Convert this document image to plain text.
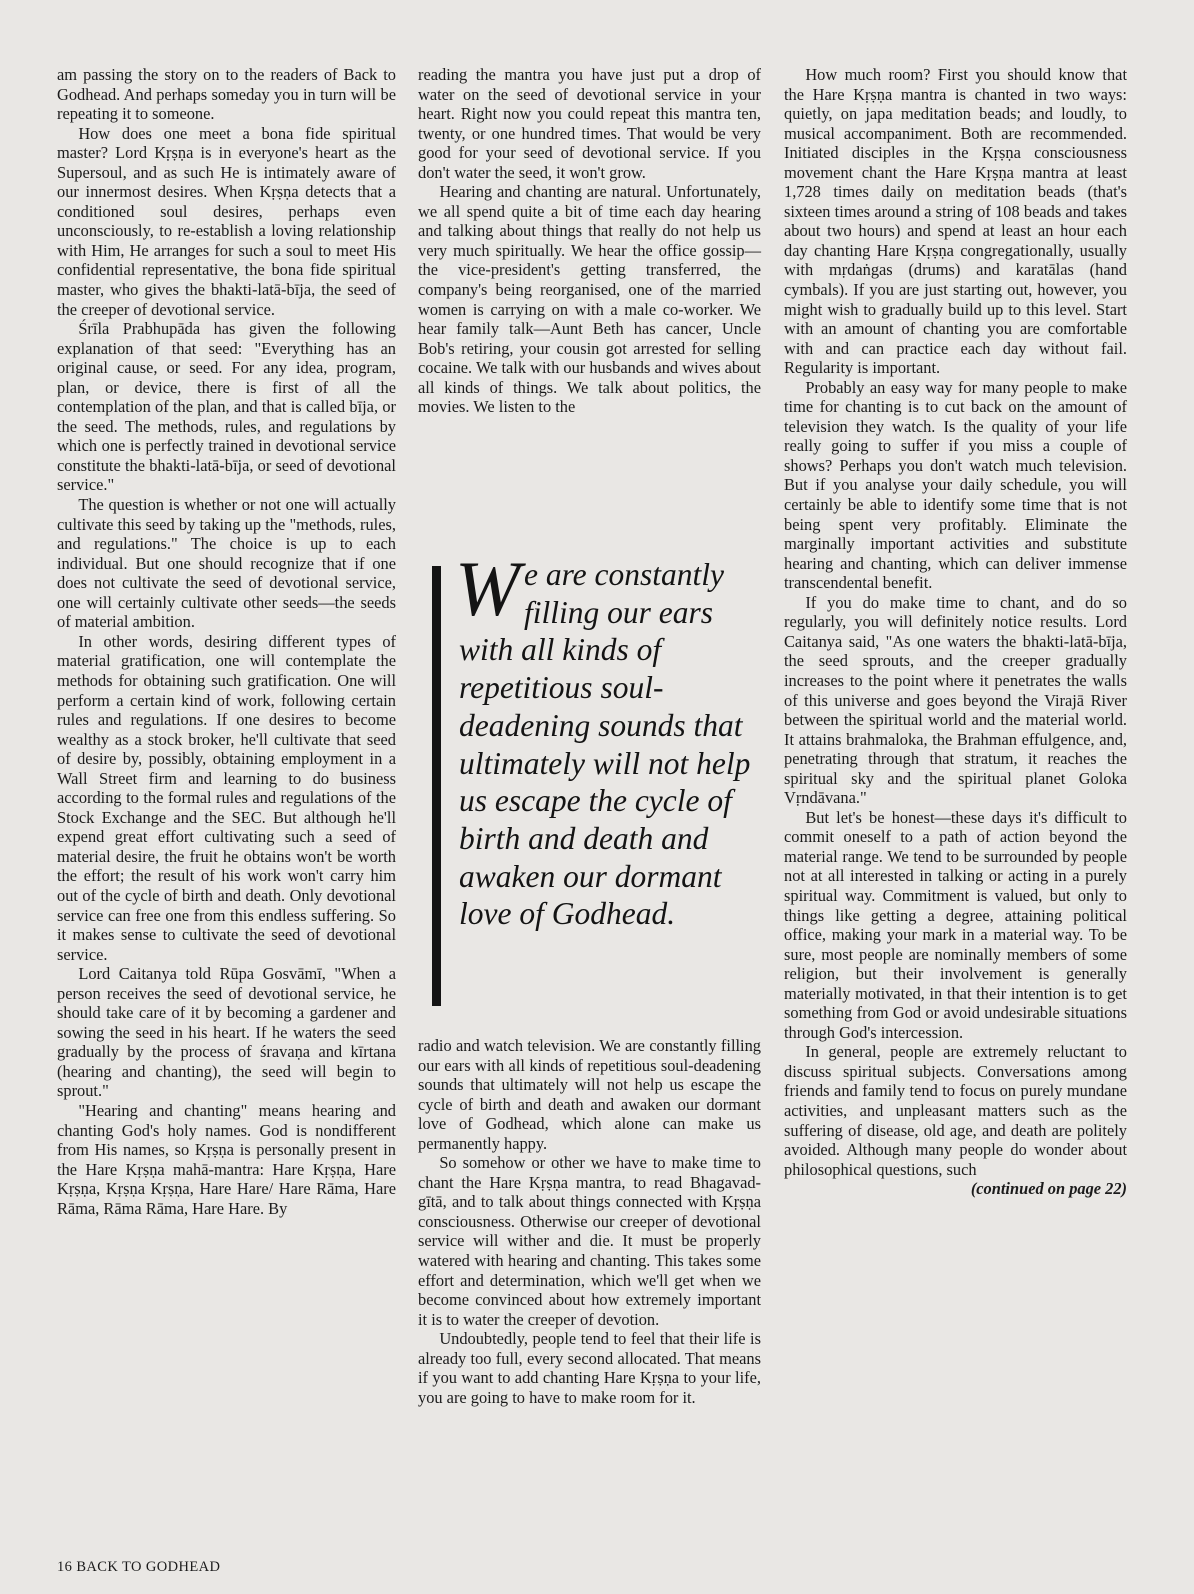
am passing the story on to the readers of Back to Godhead. And perhaps someday you in turn will be repeating it to someone.

How does one meet a bona fide spiritual master? Lord Kṛṣṇa is in everyone's heart as the Supersoul, and as such He is intimately aware of our innermost desires. When Kṛṣṇa detects that a conditioned soul desires, perhaps even unconsciously, to re-establish a loving relationship with Him, He arranges for such a soul to meet His confidential representative, the bona fide spiritual master, who gives the bhakti-latā-bīja, the seed of the creeper of devotional service.

Śrīla Prabhupāda has given the following explanation of that seed: "Everything has an original cause, or seed. For any idea, program, plan, or device, there is first of all the contemplation of the plan, and that is called bīja, or the seed. The methods, rules, and regulations by which one is perfectly trained in devotional service constitute the bhakti-latā-bīja, or seed of devotional service."

The question is whether or not one will actually cultivate this seed by taking up the "methods, rules, and regulations." The choice is up to each individual. But one should recognize that if one does not cultivate the seed of devotional service, one will certainly cultivate other seeds—the seeds of material ambition.

In other words, desiring different types of material gratification, one will contemplate the methods for obtaining such gratification. One will perform a certain kind of work, following certain rules and regulations. If one desires to become wealthy as a stock broker, he'll cultivate that seed of desire by, possibly, obtaining employment in a Wall Street firm and learning to do business according to the formal rules and regulations of the Stock Exchange and the SEC. But although he'll expend great effort cultivating such a seed of material desire, the fruit he obtains won't be worth the effort; the result of his work won't carry him out of the cycle of birth and death. Only devotional service can free one from this endless suffering. So it makes sense to cultivate the seed of devotional service.

Lord Caitanya told Rūpa Gosvāmī, "When a person receives the seed of devotional service, he should take care of it by becoming a gardener and sowing the seed in his heart. If he waters the seed gradually by the process of śravaṇa and kīrtana (hearing and chanting), the seed will begin to sprout."

"Hearing and chanting" means hearing and chanting God's holy names. God is nondifferent from His names, so Kṛṣṇa is personally present in the Hare Kṛṣṇa mahā-mantra: Hare Kṛṣṇa, Hare Kṛṣṇa, Kṛṣṇa Kṛṣṇa, Hare Hare/ Hare Rāma, Hare Rāma, Rāma Rāma, Hare Hare. By

reading the mantra you have just put a drop of water on the seed of devotional service in your heart. Right now you could repeat this mantra ten, twenty, or one hundred times. That would be very good for your seed of devotional service. If you don't water the seed, it won't grow.

Hearing and chanting are natural. Unfortunately, we all spend quite a bit of time each day hearing and talking about things that really do not help us very much spiritually. We hear the office gossip—the vice-president's getting transferred, the company's being reorganised, one of the married women is carrying on with a male co-worker. We hear family talk—Aunt Beth has cancer, Uncle Bob's retiring, your cousin got arrested for selling cocaine. We talk with our husbands and wives about all kinds of things. We talk about politics, the movies. We listen to the

We are constantly filling our ears with all kinds of repetitious soul-deadening sounds that ultimately will not help us escape the cycle of birth and death and awaken our dormant love of Godhead.

radio and watch television. We are constantly filling our ears with all kinds of repetitious soul-deadening sounds that ultimately will not help us escape the cycle of birth and death and awaken our dormant love of Godhead, which alone can make us permanently happy.

So somehow or other we have to make time to chant the Hare Kṛṣṇa mantra, to read Bhagavad-gītā, and to talk about things connected with Kṛṣṇa consciousness. Otherwise our creeper of devotional service will wither and die. It must be properly watered with hearing and chanting. This takes some effort and determination, which we'll get when we become convinced about how extremely important it is to water the creeper of devotion.

Undoubtedly, people tend to feel that their life is already too full, every second allocated. That means if you want to add chanting Hare Kṛṣṇa to your life, you are going to have to make room for it.

How much room? First you should know that the Hare Kṛṣṇa mantra is chanted in two ways: quietly, on japa meditation beads; and loudly, to musical accompaniment. Both are recommended. Initiated disciples in the Kṛṣṇa consciousness movement chant the Hare Kṛṣṇa mantra at least 1,728 times daily on meditation beads (that's sixteen times around a string of 108 beads and takes about two hours) and spend at least an hour each day chanting Hare Kṛṣṇa congregationally, usually with mṛdaṅgas (drums) and karatālas (hand cymbals). If you are just starting out, however, you might wish to gradually build up to this level. Start with an amount of chanting you are comfortable with and can practice each day without fail. Regularity is important.

Probably an easy way for many people to make time for chanting is to cut back on the amount of television they watch. Is the quality of your life really going to suffer if you miss a couple of shows? Perhaps you don't watch much television. But if you analyse your daily schedule, you will certainly be able to identify some time that is not being spent very profitably. Eliminate the marginally important activities and substitute hearing and chanting, which can deliver immense transcendental benefit.

If you do make time to chant, and do so regularly, you will definitely notice results. Lord Caitanya said, "As one waters the bhakti-latā-bīja, the seed sprouts, and the creeper gradually increases to the point where it penetrates the walls of this universe and goes beyond the Virajā River between the spiritual world and the material world. It attains brahmaloka, the Brahman effulgence, and, penetrating through that stratum, it reaches the spiritual sky and the spiritual planet Goloka Vṛndāvana."

But let's be honest—these days it's difficult to commit oneself to a path of action beyond the material range. We tend to be surrounded by people not at all interested in talking or acting in a purely spiritual way. Commitment is valued, but only to things like getting a degree, attaining political office, making your mark in a material way. To be sure, most people are nominally members of some religion, but their involvement is generally materially motivated, in that their intention is to get something from God or avoid undesirable situations through God's intercession.

In general, people are extremely reluctant to discuss spiritual subjects. Conversations among friends and family tend to focus on purely mundane activities, and unpleasant matters such as the suffering of disease, old age, and death are politely avoided. Although many people do wonder about philosophical questions, such

(continued on page 22)
16 BACK TO GODHEAD
